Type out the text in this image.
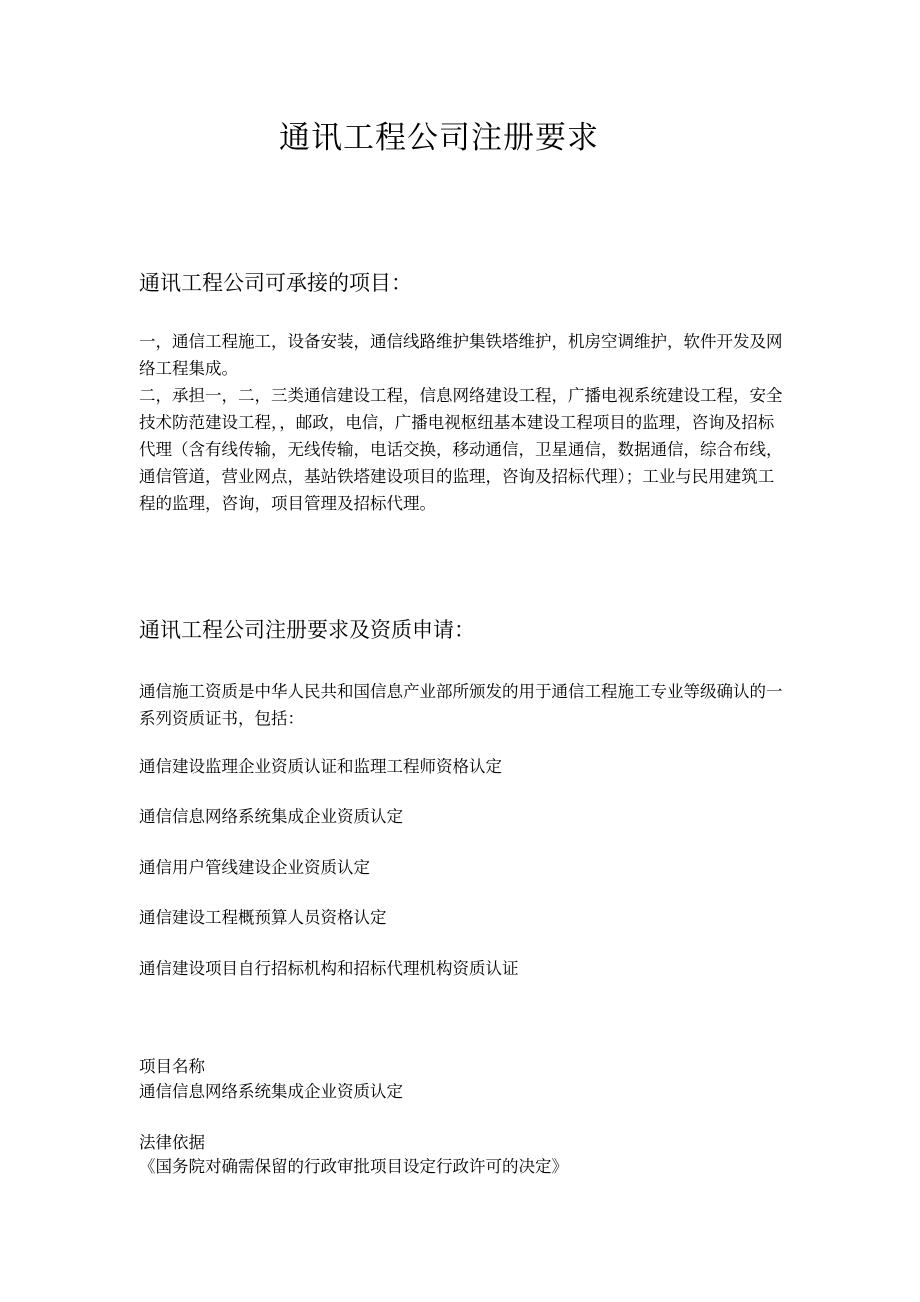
通讯工程公司注册要求
通讯工程公司可承接的项目：

一，通信工程施工，设备安装，通信线路维护集铁塔维护，机房空调维护，软件开发及网络工程集成。

二，承担一，二，三类通信建设工程，信息网络建设工程，广播电视系统建设工程，安全技术防范建设工程，，邮政，电信，广播电视枢纽基本建设工程项目的监理，咨询及招标代理（含有线传输，无线传输，电话交换，移动通信，卫星通信，数据通信，综合布线，通信管道，营业网点，基站铁塔建设项目的监理，咨询及招标代理）；工业与民用建筑工程的监理，咨询，项目管理及招标代理。

通讯工程公司注册要求及资质申请：
通信施工资质是中华人民共和国信息产业部所颁发的用于通信工程施工专业等级确认的一系列资质证书，包括：
通信建设监理企业资质认证和监理工程师资格认定
通信信息网络系统集成企业资质认定
通信用户管线建设企业资质认定
通信建设工程概预算人员资格认定
通信建设项目自行招标机构和招标代理机构资质认证
项目名称
通信信息网络系统集成企业资质认定
法律依据
《国务院对确需保留的行政审批项目设定行政许可的决定》
